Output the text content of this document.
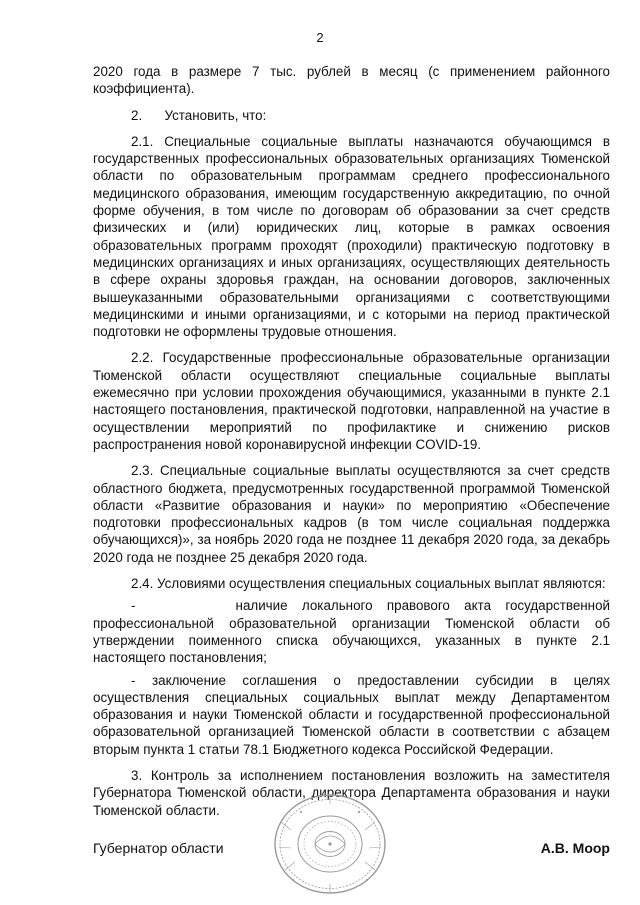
2

2020 года в размере 7 тыс. рублей в месяц (с применением районного коэффициента).

2.      Установить, что:

2.1. Специальные социальные выплаты назначаются обучающимся в государственных профессиональных образовательных организациях Тюменской области по образовательным программам среднего профессионального медицинского образования, имеющим государственную аккредитацию, по очной форме обучения, в том числе по договорам об образовании за счет средств физических и (или) юридических лиц, которые в рамках освоения образовательных программ проходят (проходили) практическую подготовку в медицинских организациях и иных организациях, осуществляющих деятельность в сфере охраны здоровья граждан, на основании договоров, заключенных вышеуказанными образовательными организациями с соответствующими медицинскими и иными организациями, и с которыми на период практической подготовки не оформлены трудовые отношения.

2.2. Государственные профессиональные образовательные организации Тюменской области осуществляют специальные социальные выплаты ежемесячно при условии прохождения обучающимися, указанными в пункте 2.1 настоящего постановления, практической подготовки, направленной на участие в осуществлении мероприятий по профилактике и снижению рисков распространения новой коронавирусной инфекции COVID-19.

2.3. Специальные социальные выплаты осуществляются за счет средств областного бюджета, предусмотренных государственной программой Тюменской области «Развитие образования и науки» по мероприятию «Обеспечение подготовки профессиональных кадров (в том числе социальная поддержка обучающихся)», за ноябрь 2020 года не позднее 11 декабря 2020 года, за декабрь 2020 года не позднее 25 декабря 2020 года.

2.4. Условиями осуществления специальных социальных выплат являются:

-       наличие локального правового акта государственной профессиональной образовательной организации Тюменской области об утверждении поименного списка обучающихся, указанных в пункте 2.1 настоящего постановления;

- заключение соглашения о предоставлении субсидии в целях осуществления специальных социальных выплат между Департаментом образования и науки Тюменской области и государственной профессиональной образовательной организацией Тюменской области в соответствии с абзацем вторым пункта 1 статьи 78.1 Бюджетного кодекса Российской Федерации.

3. Контроль за исполнением постановления возложить на заместителя Губернатора Тюменской области, директора Департамента образования и науки Тюменской области.

Губернатор области	А.В. Моор
